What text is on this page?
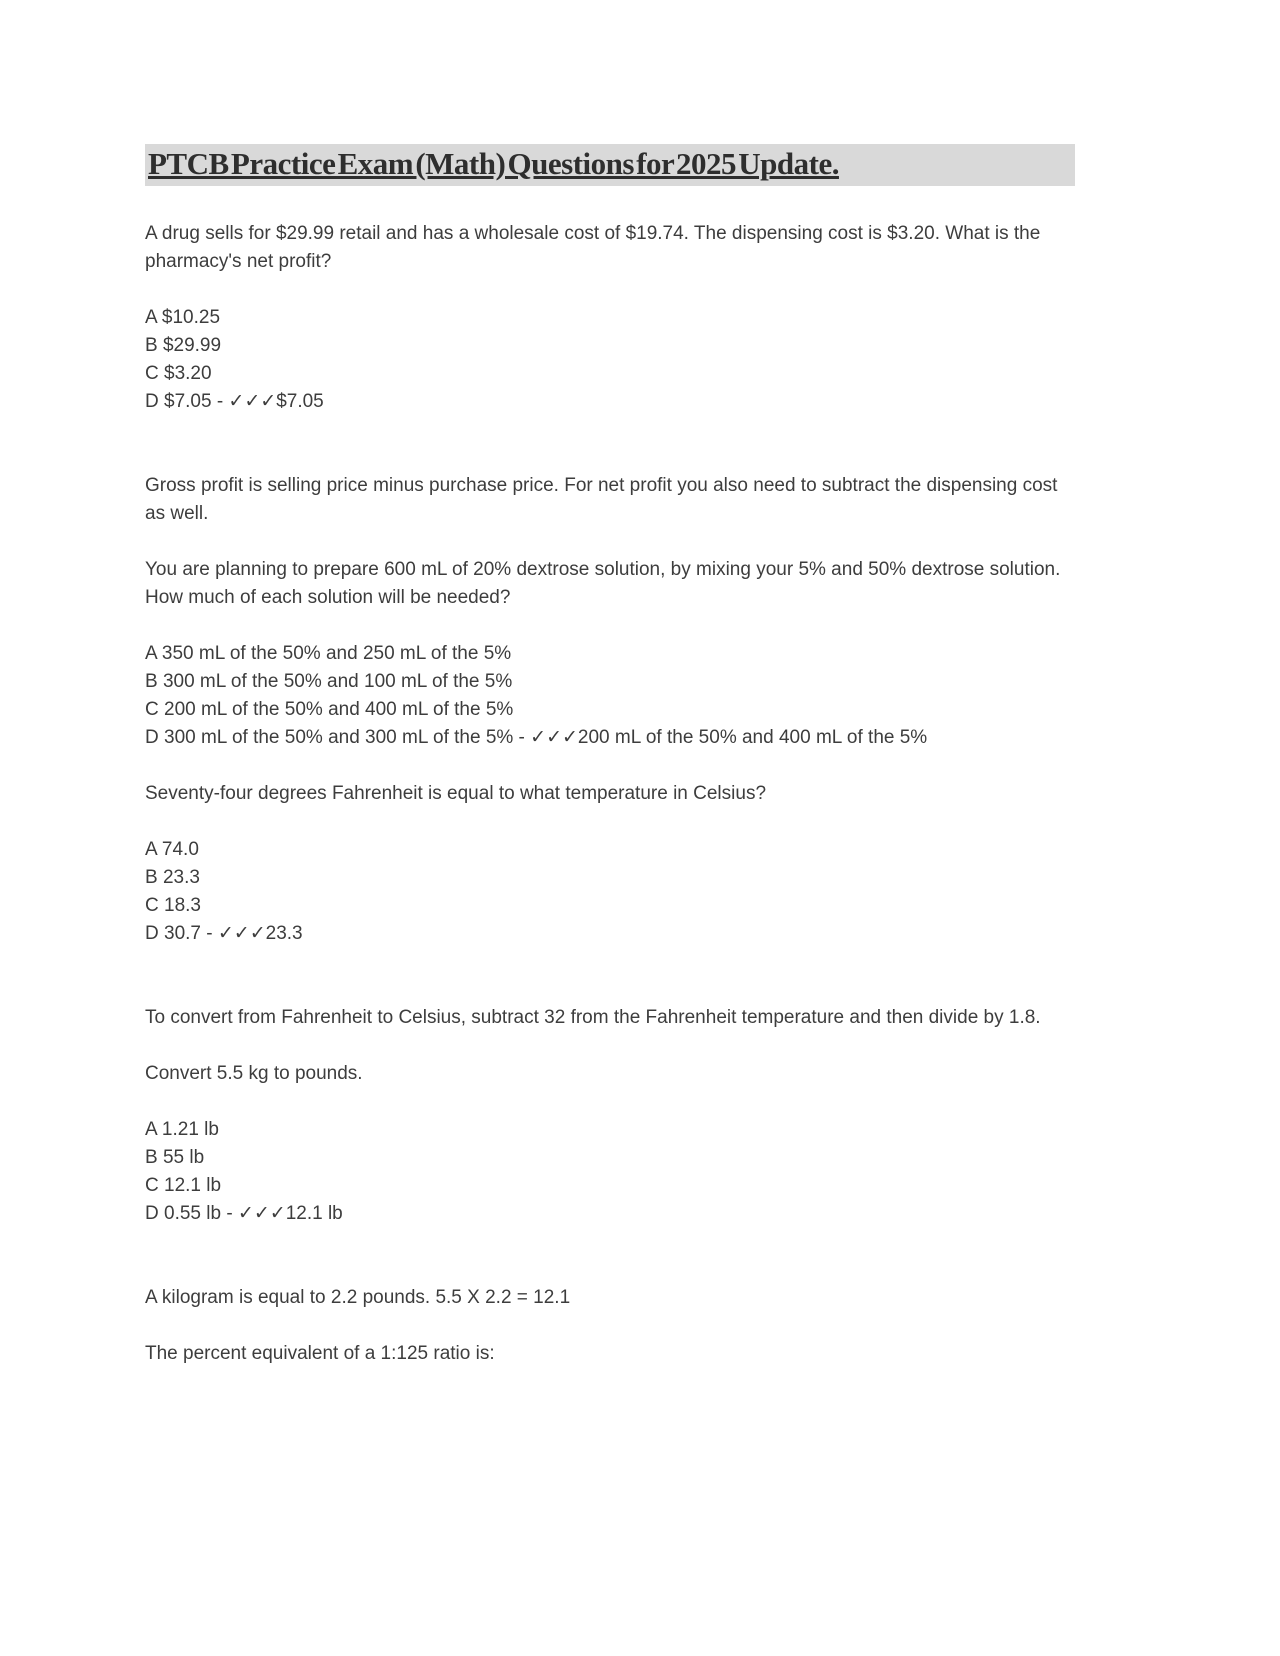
PTCB Practice Exam (Math) Questions for 2025 Update.

A drug sells for $29.99 retail and has a wholesale cost of $19.74. The dispensing cost is $3.20. What is the pharmacy's net profit?

A $10.25
B $29.99
C $3.20
D $7.05 - ✓✓✓$7.05

Gross profit is selling price minus purchase price. For net profit you also need to subtract the dispensing cost as well.

You are planning to prepare 600 mL of 20% dextrose solution, by mixing your 5% and 50% dextrose solution. How much of each solution will be needed?

A 350 mL of the 50% and 250 mL of the 5%
B 300 mL of the 50% and 100 mL of the 5%
C 200 mL of the 50% and 400 mL of the 5%
D 300 mL of the 50% and 300 mL of the 5% - ✓✓✓200 mL of the 50% and 400 mL of the 5%

Seventy-four degrees Fahrenheit is equal to what temperature in Celsius?

A 74.0
B 23.3
C 18.3
D 30.7 - ✓✓✓23.3

To convert from Fahrenheit to Celsius, subtract 32 from the Fahrenheit temperature and then divide by 1.8.

Convert 5.5 kg to pounds.

A 1.21 lb
B 55 lb
C 12.1 lb
D 0.55 lb - ✓✓✓12.1 lb

A kilogram is equal to 2.2 pounds. 5.5 X 2.2 = 12.1

The percent equivalent of a 1:125 ratio is:
